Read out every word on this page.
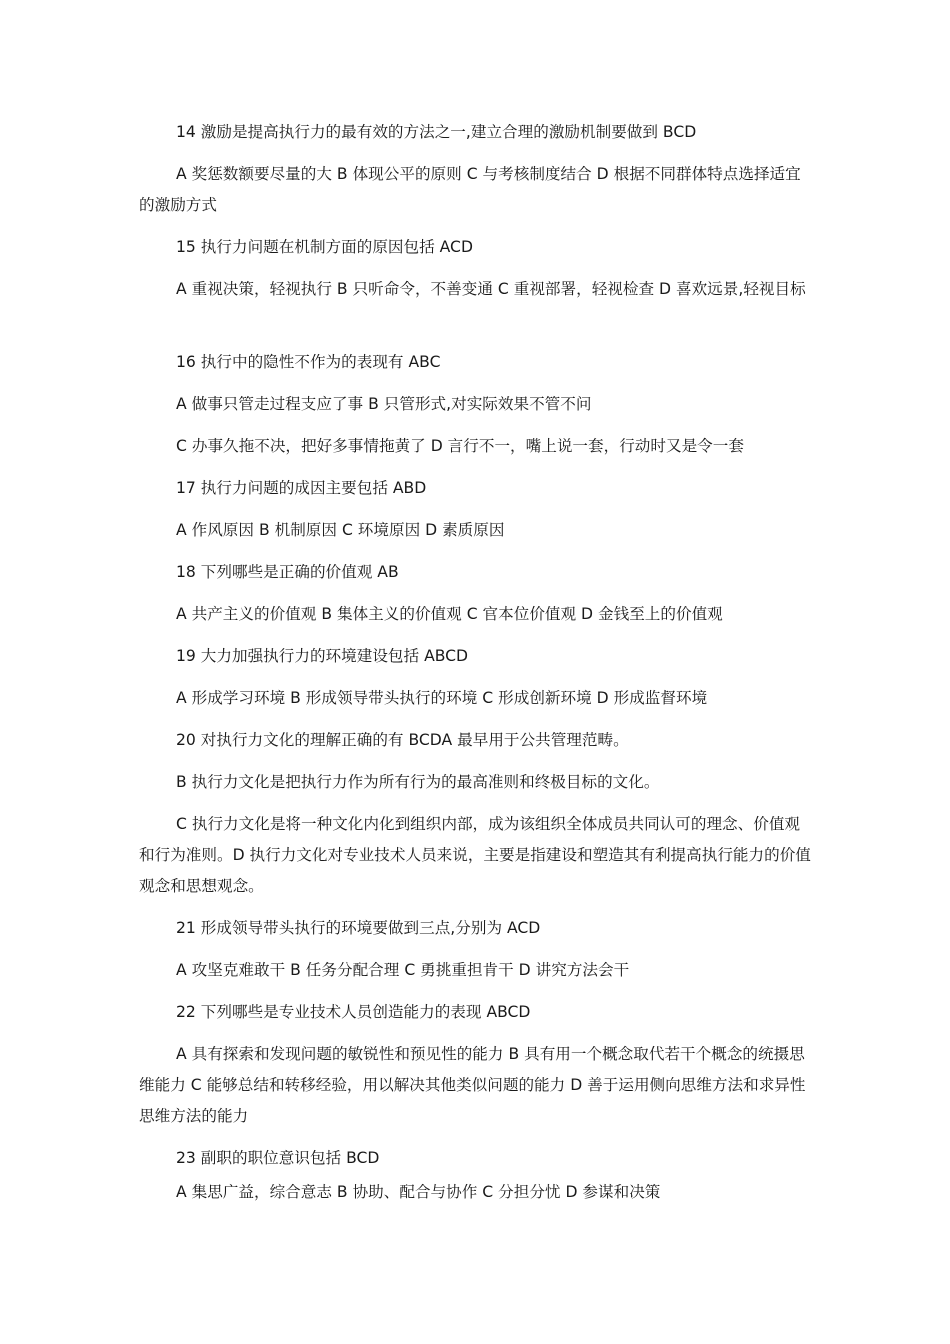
14 激励是提高执行力的最有效的方法之一,建立合理的激励机制要做到 BCD

A 奖惩数额要尽量的大 B 体现公平的原则 C 与考核制度结合 D 根据不同群体特点选择适宜的激励方式

15 执行力问题在机制方面的原因包括 ACD

A 重视决策，轻视执行 B 只听命令，不善变通 C 重视部署，轻视检查 D 喜欢远景,轻视目标

16 执行中的隐性不作为的表现有 ABC

A 做事只管走过程支应了事 B 只管形式,对实际效果不管不问

C 办事久拖不决，把好多事情拖黄了 D 言行不一，嘴上说一套，行动时又是令一套

17 执行力问题的成因主要包括 ABD

A 作风原因 B 机制原因 C 环境原因 D 素质原因

18 下列哪些是正确的价值观 AB

A 共产主义的价值观 B 集体主义的价值观 C 官本位价值观 D 金钱至上的价值观

19 大力加强执行力的环境建设包括 ABCD

A 形成学习环境 B 形成领导带头执行的环境 C 形成创新环境 D 形成监督环境

20 对执行力文化的理解正确的有 BCDA 最早用于公共管理范畴。

B 执行力文化是把执行力作为所有行为的最高准则和终极目标的文化。

C 执行力文化是将一种文化内化到组织内部，成为该组织全体成员共同认可的理念、价值观和行为准则。D 执行力文化对专业技术人员来说，主要是指建设和塑造其有利提高执行能力的价值观念和思想观念。

21 形成领导带头执行的环境要做到三点,分别为 ACD

A 攻坚克难敢干 B 任务分配合理 C 勇挑重担肯干 D 讲究方法会干

22 下列哪些是专业技术人员创造能力的表现 ABCD

A 具有探索和发现问题的敏锐性和预见性的能力 B 具有用一个概念取代若干个概念的统摄思维能力 C 能够总结和转移经验，用以解决其他类似问题的能力 D 善于运用侧向思维方法和求异性思维方法的能力

23 副职的职位意识包括 BCD

A 集思广益，综合意志 B 协助、配合与协作 C 分担分忧 D 参谋和决策
